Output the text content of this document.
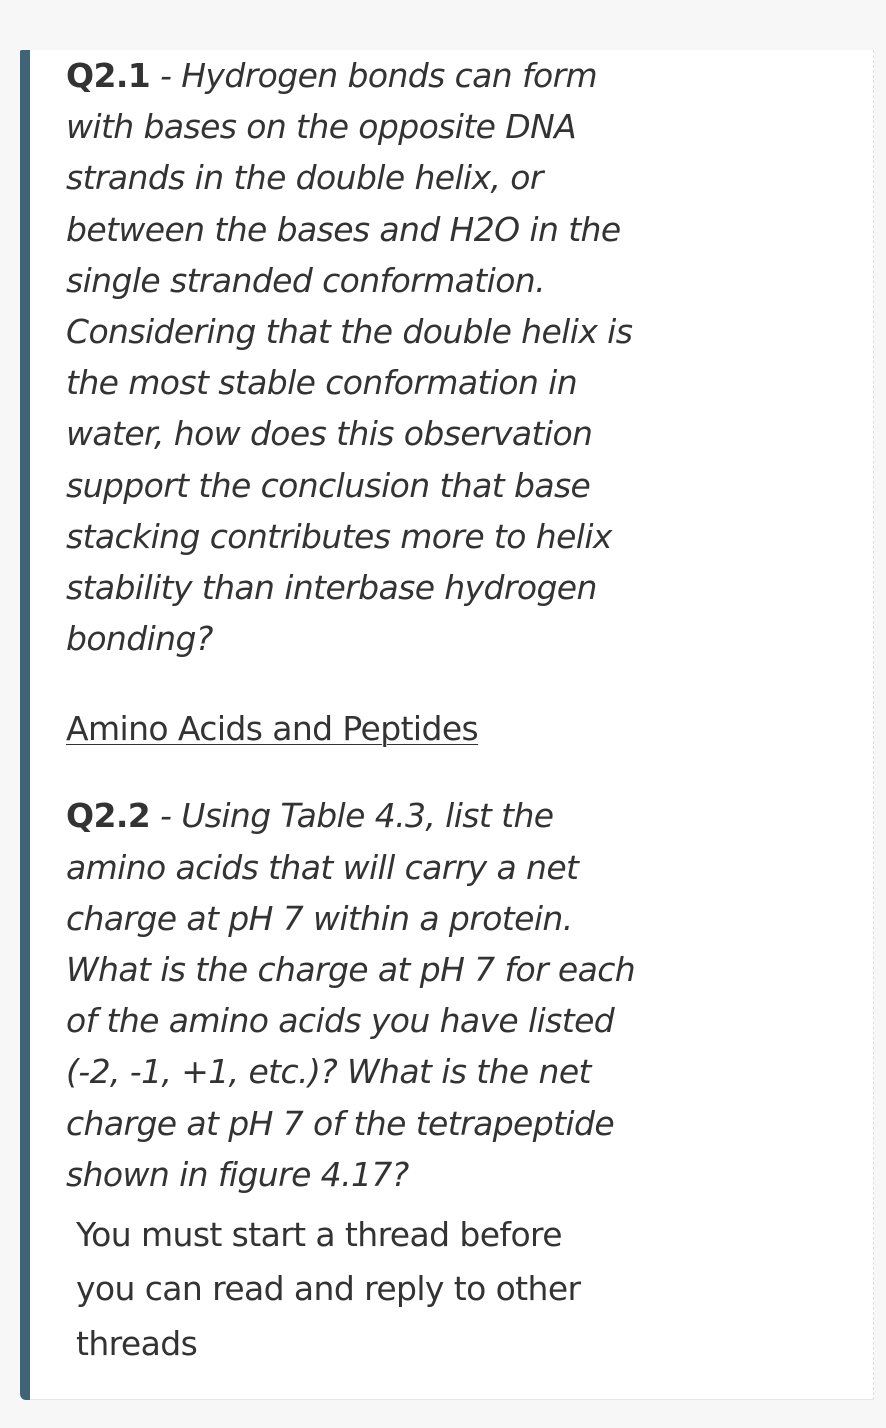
Q2.1 - Hydrogen bonds can form
with bases on the opposite DNA
strands in the double helix, or
between the bases and H2O in the
single stranded conformation.
Considering that the double helix is
the most stable conformation in
water, how does this observation
support the conclusion that base
stacking contributes more to helix
stability than interbase hydrogen
bonding?
Amino Acids and Peptides
Q2.2 - Using Table 4.3, list the
amino acids that will carry a net
charge at pH 7 within a protein.
What is the charge at pH 7 for each
of the amino acids you have listed
(-2, -1, +1, etc.)? What is the net
charge at pH 7 of the tetrapeptide
shown in figure 4.17?
You must start a thread before
you can read and reply to other
threads
